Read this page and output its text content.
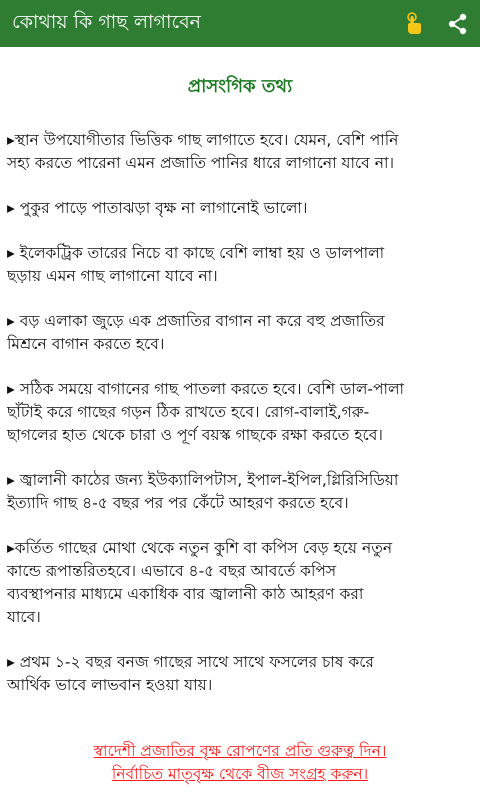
কোথায় কি গাছ লাগাবেন
প্রাসংগিক তথ্য

▸স্থান উপযোগীতার ভিত্তিক গাছ লাগাতে হবে। যেমন, বেশি পানি
সহ্য করতে পারেনা এমন প্রজাতি পানির ধারে লাগানো যাবে না।

▸ পুকুর পাড়ে পাতাঝড়া বৃক্ষ না লাগানোই ভালো।

▸ ইলেকট্রিক তারের নিচে বা কাছে বেশি লাম্বা হয় ও ডালপালা
ছড়ায় এমন গাছ লাগানো যাবে না।

▸ বড় এলাকা জুড়ে এক প্রজাতির বাগান না করে বহু প্রজাতির
মিশ্রনে বাগান করতে হবে।

▸ সঠিক সময়ে বাগানের গাছ পাতলা করতে হবে। বেশি ডাল-পালা
ছাঁটাই করে গাছের গড়ন ঠিক রাখতে হবে। রোগ-বালাই,গরু-
ছাগলের হাত থেকে চারা ও পূর্ণ বয়স্ক গাছকে রক্ষা করতে হবে।

▸ জ্বালানী কাঠের জন্য ইউক্যালিপটাস, ইপাল-ইপিল,গ্লিরিসিডিয়া
ইত্যাদি গাছ ৪-৫ বছর পর পর কেঁটে আহরণ করতে হবে।

▸কর্তিত গাছের মোথা থেকে নতুন কুশি বা কপিস বেড় হয়ে নতুন
কান্ডে রূপান্তরিতহবে। এভাবে ৪-৫ বছর আবর্তে কপিস
ব্যবস্থাপনার মাধ্যমে একাধিক বার জ্বালানী কাঠ আহরণ করা
যাবে।

▸ প্রথম ১-২ বছর বনজ গাছের সাথে সাথে ফসলের চাষ করে
আর্থিক ভাবে লাভবান হওয়া যায়।

স্বাদেশী প্রজাতির বৃক্ষ রোপণের প্রতি গুরুত্ব দিন।
নির্বাচিত মাতৃবৃক্ষ থেকে বীজ সংগ্রহ করুন।
